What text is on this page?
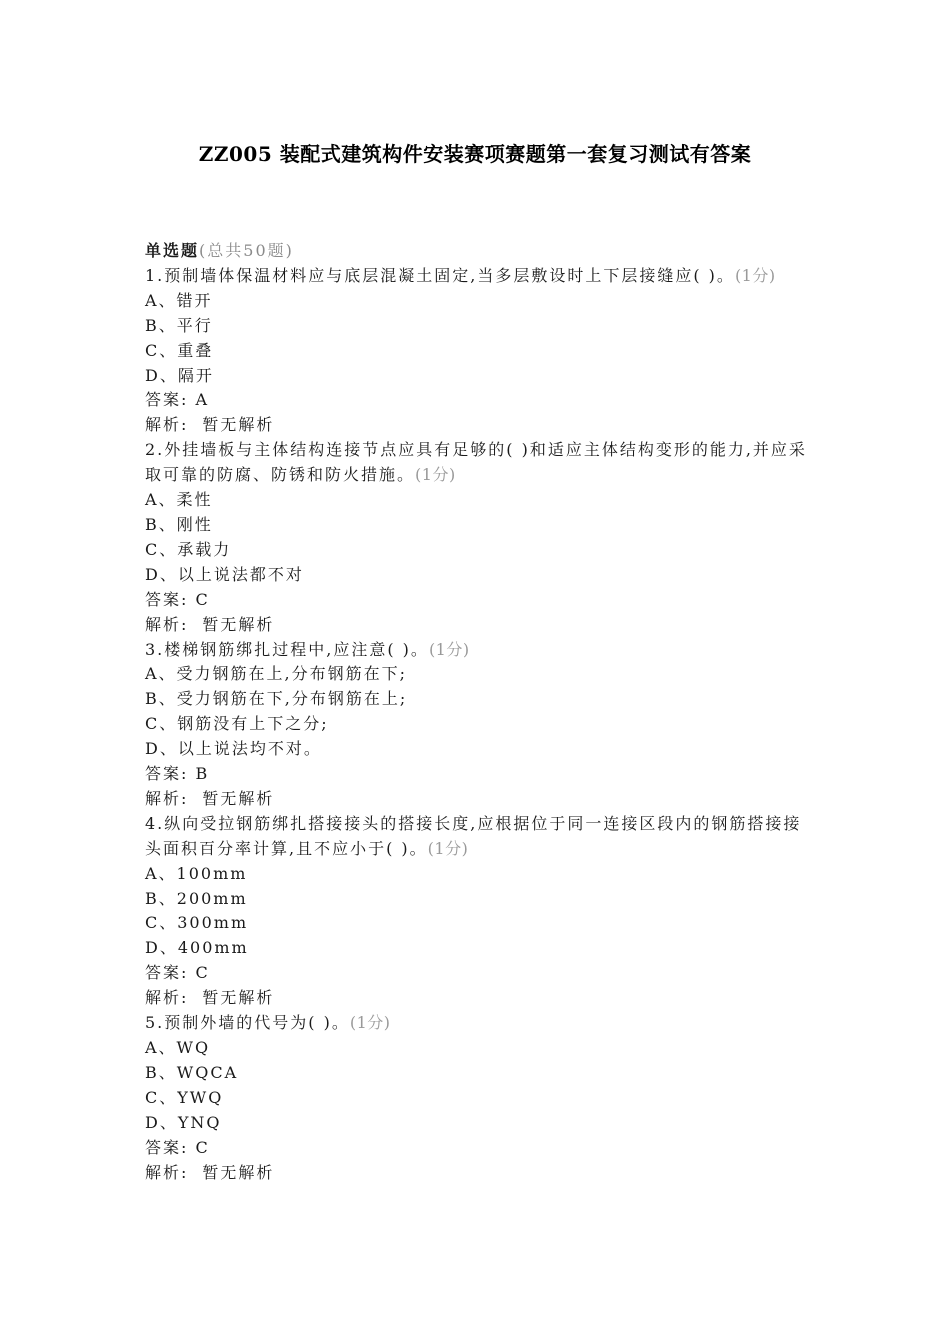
ZZ005 装配式建筑构件安装赛项赛题第一套复习测试有答案
单选题(总共50题)
1.预制墙体保温材料应与底层混凝土固定,当多层敷设时上下层接缝应( )。(1分)
A、错开
B、平行
C、重叠
D、隔开
答案: A
解析: 暂无解析
2.外挂墙板与主体结构连接节点应具有足够的( )和适应主体结构变形的能力,并应采取可靠的防腐、防锈和防火措施。(1分)
A、柔性
B、刚性
C、承载力
D、以上说法都不对
答案: C
解析: 暂无解析
3.楼梯钢筋绑扎过程中,应注意( )。(1分)
A、受力钢筋在上,分布钢筋在下;
B、受力钢筋在下,分布钢筋在上;
C、钢筋没有上下之分;
D、以上说法均不对。
答案: B
解析: 暂无解析
4.纵向受拉钢筋绑扎搭接接头的搭接长度,应根据位于同一连接区段内的钢筋搭接接头面积百分率计算,且不应小于( )。(1分)
A、100mm
B、200mm
C、300mm
D、400mm
答案: C
解析: 暂无解析
5.预制外墙的代号为( )。(1分)
A、WQ
B、WQCA
C、YWQ
D、YNQ
答案: C
解析: 暂无解析
